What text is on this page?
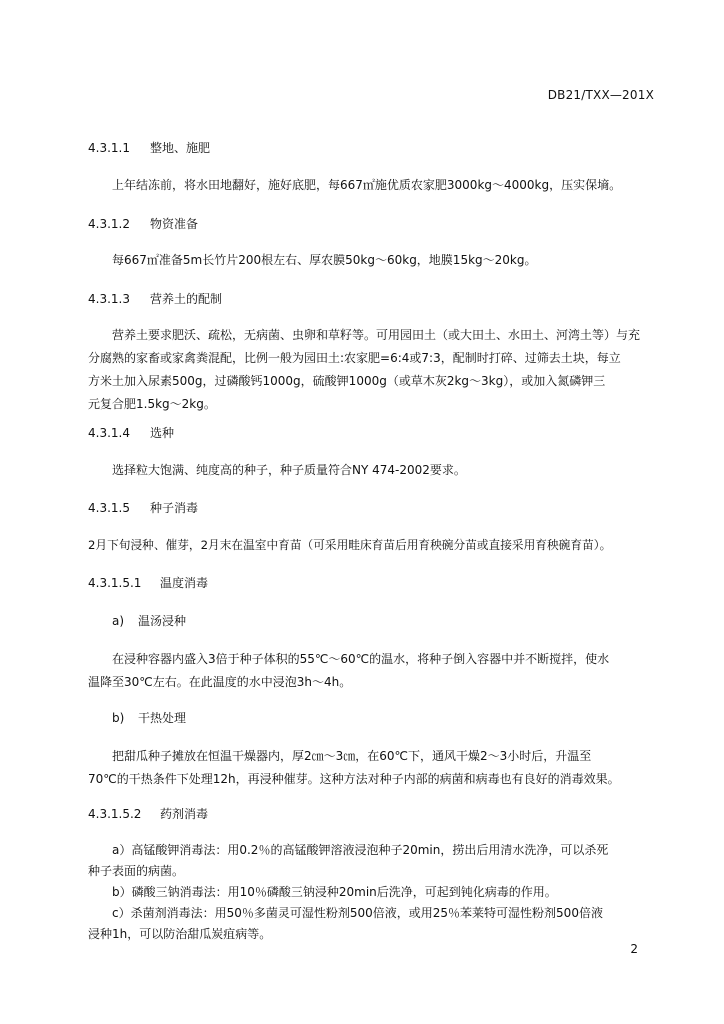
DB21/TXX—201X
4.3.1.1 整地、施肥
上年结冻前，将水田地翻好，施好底肥，每667㎡施优质农家肥3000kg～4000kg，压实保墒。
4.3.1.2 物资准备
每667㎡准备5m长竹片200根左右、厚农膜50kg～60kg，地膜15kg～20kg。
4.3.1.3 营养土的配制
营养土要求肥沃、疏松，无病菌、虫卵和草籽等。可用园田土（或大田土、水田土、河湾土等）与充
分腐熟的家畜或家禽粪混配，比例一般为园田土:农家肥=6:4或7:3，配制时打碎、过筛去土块，每立
方米土加入尿素500g，过磷酸钙1000g，硫酸钾1000g（或草木灰2kg～3kg），或加入氮磷钾三
元复合肥1.5kg～2kg。
4.3.1.4 选种
选择粒大饱满、纯度高的种子，种子质量符合NY 474-2002要求。
4.3.1.5 种子消毒
2月下旬浸种、催芽，2月末在温室中育苗（可采用畦床育苗后用育秧碗分苗或直接采用育秧碗育苗）。
4.3.1.5.1 温度消毒
a) 温汤浸种
在浸种容器内盛入3倍于种子体积的55℃～60℃的温水，将种子倒入容器中并不断搅拌，使水
温降至30℃左右。在此温度的水中浸泡3h～4h。
b) 干热处理
把甜瓜种子摊放在恒温干燥器内，厚2㎝～3㎝，在60℃下，通风干燥2～3小时后，升温至
70℃的干热条件下处理12h，再浸种催芽。这种方法对种子内部的病菌和病毒也有良好的消毒效果。
4.3.1.5.2 药剂消毒
a）高锰酸钾消毒法：用0.2％的高锰酸钾溶液浸泡种子20min，捞出后用清水洗净，可以杀死
种子表面的病菌。
b）磷酸三钠消毒法：用10％磷酸三钠浸种20min后洗净，可起到钝化病毒的作用。
c）杀菌剂消毒法：用50％多菌灵可湿性粉剂500倍液，或用25％苯莱特可湿性粉剂500倍液
浸种1h，可以防治甜瓜炭疽病等。
2
